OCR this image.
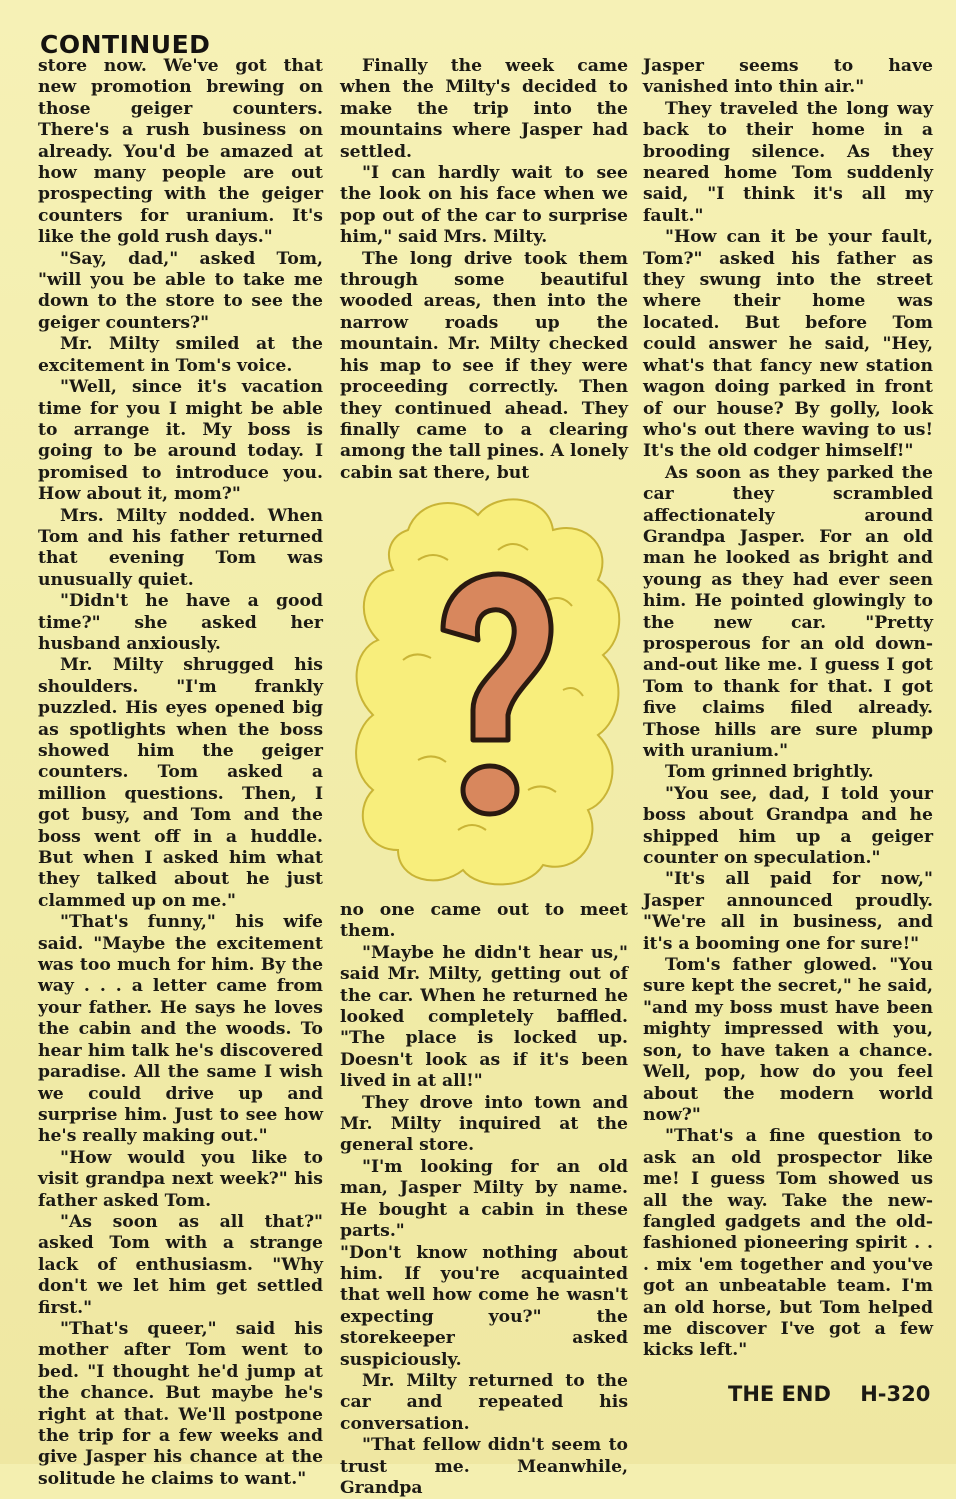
CONTINUED

store now. We've got that new promotion brewing on those geiger counters. There's a rush business on already. You'd be amazed at how many people are out prospecting with the geiger counters for uranium. It's like the gold rush days."

"Say, dad," asked Tom, "will you be able to take me down to the store to see the geiger counters?"

Mr. Milty smiled at the excitement in Tom's voice.

"Well, since it's vacation time for you I might be able to arrange it. My boss is going to be around today. I promised to introduce you. How about it, mom?"

Mrs. Milty nodded. When Tom and his father returned that evening Tom was unusually quiet.

"Didn't he have a good time?" she asked her husband anxiously.

Mr. Milty shrugged his shoulders. "I'm frankly puzzled. His eyes opened big as spotlights when the boss showed him the geiger counters. Tom asked a million questions. Then, I got busy, and Tom and the boss went off in a huddle. But when I asked him what they talked about he just clammed up on me."

"That's funny," his wife said. "Maybe the excitement was too much for him. By the way . . . a letter came from your father. He says he loves the cabin and the woods. To hear him talk he's discovered paradise. All the same I wish we could drive up and surprise him. Just to see how he's really making out."

"How would you like to visit grandpa next week?" his father asked Tom.

"As soon as all that?" asked Tom with a strange lack of enthusiasm. "Why don't we let him get settled first."

"That's queer," said his mother after Tom went to bed. "I thought he'd jump at the chance. But maybe he's right at that. We'll postpone the trip for a few weeks and give Jasper his chance at the solitude he claims to want."

Finally the week came when the Milty's decided to make the trip into the mountains where Jasper had settled.

"I can hardly wait to see the look on his face when we pop out of the car to surprise him," said Mrs. Milty.

The long drive took them through some beautiful wooded areas, then into the narrow roads up the mountain. Mr. Milty checked his map to see if they were proceeding correctly. Then they continued ahead. They finally came to a clearing among the tall pines. A lonely cabin sat there, but

no one came out to meet them.

"Maybe he didn't hear us," said Mr. Milty, getting out of the car. When he returned he looked completely baffled. "The place is locked up. Doesn't look as if it's been lived in at all!"

They drove into town and Mr. Milty inquired at the general store.

"I'm looking for an old man, Jasper Milty by name. He bought a cabin in these parts."

"Don't know nothing about him. If you're acquainted that well how come he wasn't expecting you?" the storekeeper asked suspiciously.

Mr. Milty returned to the car and repeated his conversation.

"That fellow didn't seem to trust me. Meanwhile, Grandpa

Jasper seems to have vanished into thin air."

They traveled the long way back to their home in a brooding silence. As they neared home Tom suddenly said, "I think it's all my fault."

"How can it be your fault, Tom?" asked his father as they swung into the street where their home was located. But before Tom could answer he said, "Hey, what's that fancy new station wagon doing parked in front of our house? By golly, look who's out there waving to us! It's the old codger himself!"

As soon as they parked the car they scrambled affectionately around Grandpa Jasper. For an old man he looked as bright and young as they had ever seen him. He pointed glowingly to the new car. "Pretty prosperous for an old down-and-out like me. I guess I got Tom to thank for that. I got five claims filed already. Those hills are sure plump with uranium."

Tom grinned brightly.

"You see, dad, I told your boss about Grandpa and he shipped him up a geiger counter on speculation."

"It's all paid for now," Jasper announced proudly. "We're all in business, and it's a booming one for sure!"

Tom's father glowed. "You sure kept the secret," he said, "and my boss must have been mighty impressed with you, son, to have taken a chance. Well, pop, how do you feel about the modern world now?"

"That's a fine question to ask an old prospector like me! I guess Tom showed us all the way. Take the new-fangled gadgets and the old-fashioned pioneering spirit . . . mix 'em together and you've got an unbeatable team. I'm an old horse, but Tom helped me discover I've got a few kicks left."

THE END H-320
